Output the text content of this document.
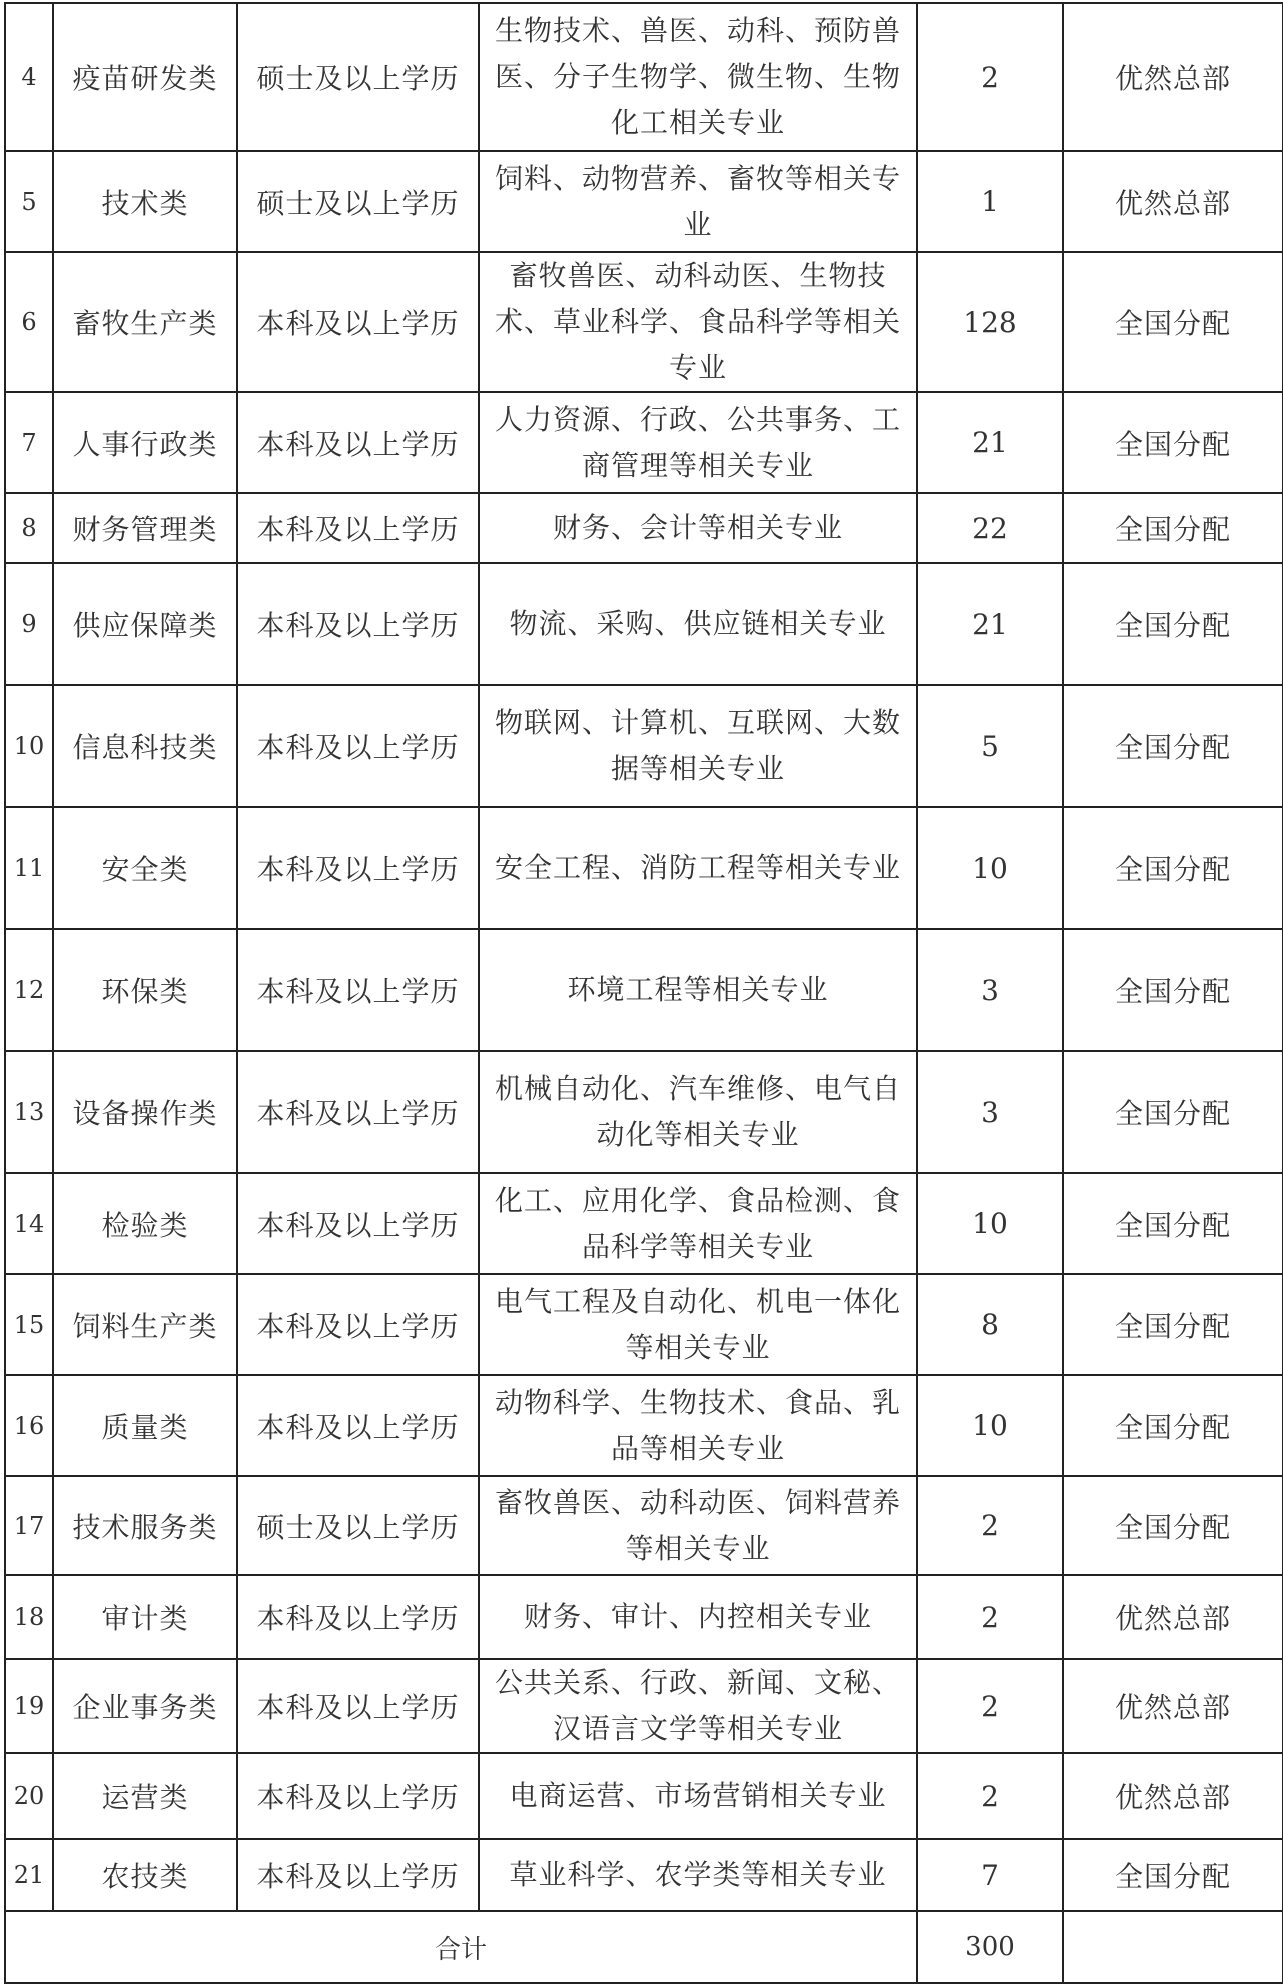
4	疫苗研发类	硕士及以上学历	生物技术、兽医、动科、预防兽医、分子生物学、微生物、生物化工相关专业	2	优然总部
5	技术类	硕士及以上学历	饲料、动物营养、畜牧等相关专业	1	优然总部
6	畜牧生产类	本科及以上学历	畜牧兽医、动科动医、生物技术、草业科学、食品科学等相关专业	128	全国分配
7	人事行政类	本科及以上学历	人力资源、行政、公共事务、工商管理等相关专业	21	全国分配
8	财务管理类	本科及以上学历	财务、会计等相关专业	22	全国分配
9	供应保障类	本科及以上学历	物流、采购、供应链相关专业	21	全国分配
10	信息科技类	本科及以上学历	物联网、计算机、互联网、大数据等相关专业	5	全国分配
11	安全类	本科及以上学历	安全工程、消防工程等相关专业	10	全国分配
12	环保类	本科及以上学历	环境工程等相关专业	3	全国分配
13	设备操作类	本科及以上学历	机械自动化、汽车维修、电气自动化等相关专业	3	全国分配
14	检验类	本科及以上学历	化工、应用化学、食品检测、食品科学等相关专业	10	全国分配
15	饲料生产类	本科及以上学历	电气工程及自动化、机电一体化等相关专业	8	全国分配
16	质量类	本科及以上学历	动物科学、生物技术、食品、乳品等相关专业	10	全国分配
17	技术服务类	硕士及以上学历	畜牧兽医、动科动医、饲料营养等相关专业	2	全国分配
18	审计类	本科及以上学历	财务、审计、内控相关专业	2	优然总部
19	企业事务类	本科及以上学历	公共关系、行政、新闻、文秘、汉语言文学等相关专业	2	优然总部
20	运营类	本科及以上学历	电商运营、市场营销相关专业	2	优然总部
21	农技类	本科及以上学历	草业科学、农学类等相关专业	7	全国分配
合计				300	
